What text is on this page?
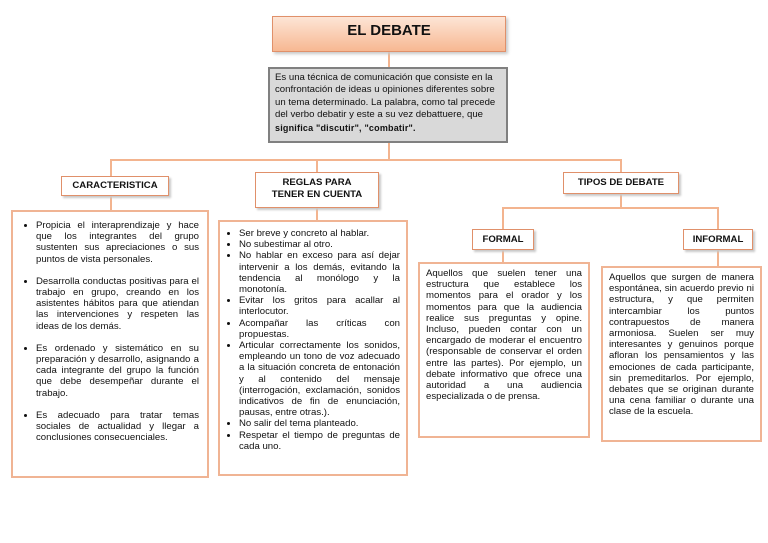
EL DEBATE
Es una técnica de comunicación que consiste en la confrontación de ideas u opiniones diferentes sobre un tema determinado. La palabra, como tal precede del verbo debatir y este a su vez debattuere, que significa "discutir", "combatir".
CARACTERISTICA	REGLAS PARA
TENER EN CUENTA
TIPOS DE DEBATE
FORMAL	INFORMAL
• Propicia el interaprendizaje y hace que los integrantes del grupo sustenten sus apreciaciones o sus puntos de vista personales.
• Desarrolla conductas positivas para el trabajo en grupo, creando en los asistentes hábitos para que atiendan las intervenciones y respeten las ideas de los demás.
• Es ordenado y sistemático en su preparación y desarrollo, asignando a cada integrante del grupo la función que debe desempeñar durante el trabajo.
• Es adecuado para tratar temas sociales de actualidad y llegar a conclusiones consecuenciales.
• Ser breve y concreto al hablar.
• No subestimar al otro.
• No hablar en exceso para así dejar intervenir a los demás, evitando la tendencia al monólogo y la monotonía.
• Evitar los gritos para acallar al interlocutor.
• Acompañar las críticas con propuestas.
• Articular correctamente los sonidos, empleando un tono de voz adecuado a la situación concreta de entonación y al contenido del mensaje (interrogación, exclamación, sonidos indicativos de fin de enunciación, pausas, entre otras.).
• No salir del tema planteado.
• Respetar el tiempo de preguntas de cada uno.
Aquellos que suelen tener una estructura que establece los momentos para el orador y los momentos para que la audiencia realice sus preguntas y opine. Incluso, pueden contar con un encargado de moderar el encuentro (responsable de conservar el orden entre las partes). Por ejemplo, un debate informativo que ofrece una autoridad a una audiencia especializada o de prensa.
Aquellos que surgen de manera espontánea, sin acuerdo previo ni estructura, y que permiten intercambiar los puntos contrapuestos de manera armoniosa. Suelen ser muy interesantes y genuinos porque afloran los pensamientos y las emociones de cada participante, sin premeditarlos. Por ejemplo, debates que se originan durante una cena familiar o durante una clase de la escuela.
